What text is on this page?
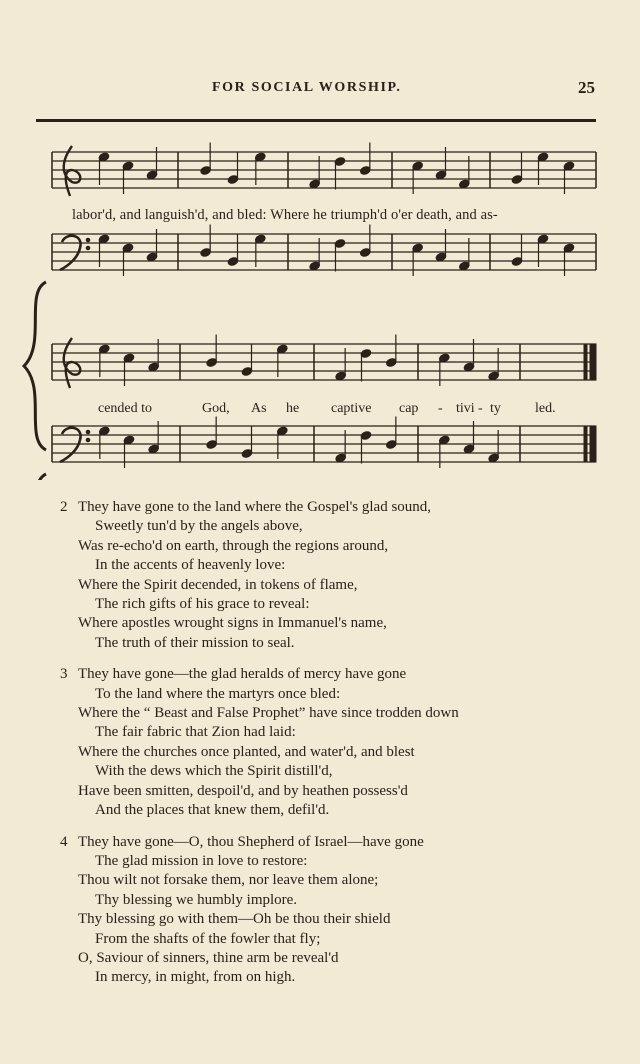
FOR SOCIAL WORSHIP.	25
labor'd, and languish'd, and bled: Where he triumph'd o'er death, and as-
cended to	God, As he captive cap - tivi - ty led.
2 They have gone to the land where the Gospel's glad sound,
Sweetly tun'd by the angels above,
Was re-echo'd on earth, through the regions around,
In the accents of heavenly love:
Where the Spirit decended, in tokens of flame,
The rich gifts of his grace to reveal:
Where apostles wrought signs in Immanuel's name,
The truth of their mission to seal.
3 They have gone—the glad heralds of mercy have gone
To the land where the martyrs once bled:
Where the “ Beast and False Prophet” have since trodden down
The fair fabric that Zion had laid:
Where the churches once planted, and water'd, and blest
With the dews which the Spirit distill'd,
Have been smitten, despoil'd, and by heathen possess'd
And the places that knew them, defil'd.
4 They have gone—O, thou Shepherd of Israel—have gone
The glad mission in love to restore:
Thou wilt not forsake them, nor leave them alone;
Thy blessing we humbly implore.
Thy blessing go with them—Oh be thou their shield
From the shafts of the fowler that fly;
O, Saviour of sinners, thine arm be reveal'd
In mercy, in might, from on high.
